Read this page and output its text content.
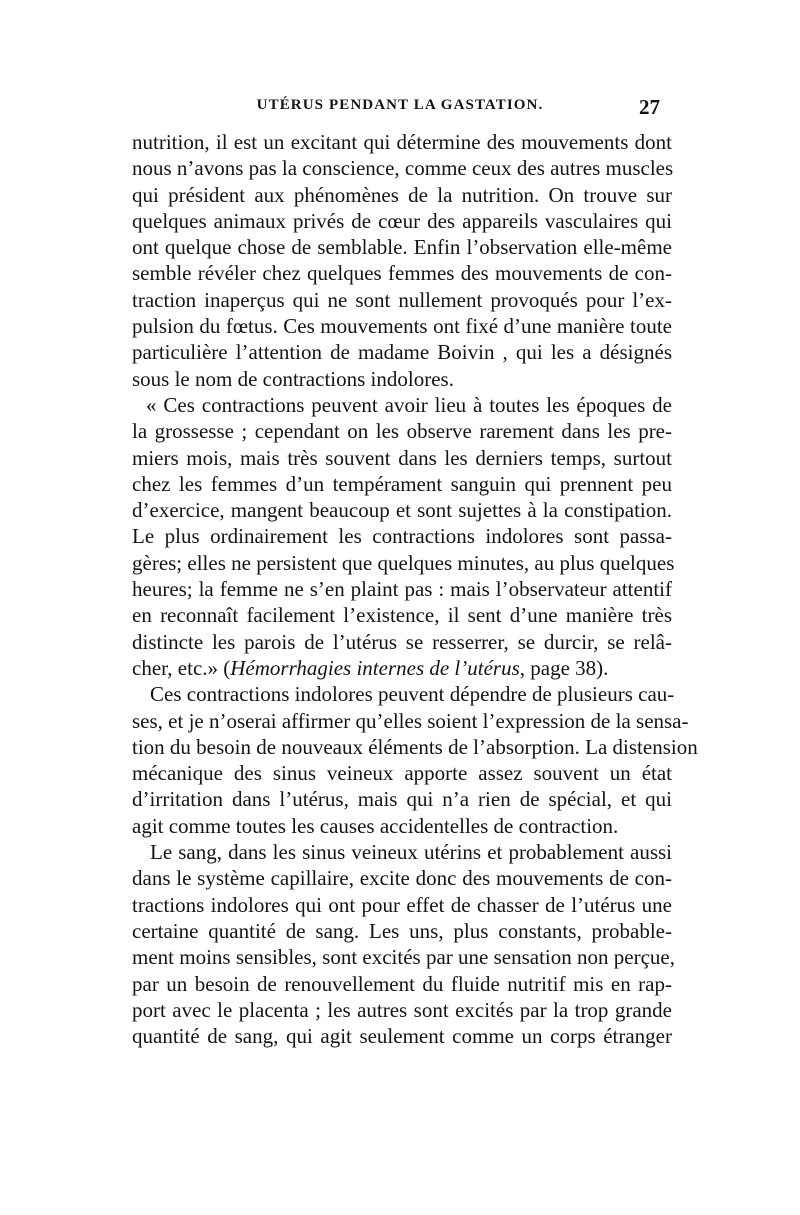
UTÉRUS PENDANT LA GASTATION.	27
nutrition, il est un excitant qui détermine des mouvements dont
nous n’avons pas la conscience, comme ceux des autres muscles
qui président aux phénomènes de la nutrition. On trouve sur
quelques animaux privés de cœur des appareils vasculaires qui
ont quelque chose de semblable. Enfin l’observation elle-même
semble révéler chez quelques femmes des mouvements de con-
traction inaperçus qui ne sont nullement provoqués pour l’ex-
pulsion du fœtus. Ces mouvements ont fixé d’une manière toute
particulière l’attention de madame Boivin , qui les a désignés
sous le nom de contractions indolores.
« Ces contractions peuvent avoir lieu à toutes les époques de
la grossesse ; cependant on les observe rarement dans les pre-
miers mois, mais très souvent dans les derniers temps, surtout
chez les femmes d’un tempérament sanguin qui prennent peu
d’exercice, mangent beaucoup et sont sujettes à la constipation.
Le plus ordinairement les contractions indolores sont passa-
gères; elles ne persistent que quelques minutes, au plus quelques
heures; la femme ne s’en plaint pas : mais l’observateur attentif
en reconnaît facilement l’existence, il sent d’une manière très
distincte les parois de l’utérus se resserrer, se durcir, se relâ-
cher, etc.» (Hémorrhagies internes de l’utérus, page 38).
Ces contractions indolores peuvent dépendre de plusieurs cau-
ses, et je n’oserai affirmer qu’elles soient l’expression de la sensa-
tion du besoin de nouveaux éléments de l’absorption. La distension
mécanique des sinus veineux apporte assez souvent un état
d’irritation dans l’utérus, mais qui n’a rien de spécial, et qui
agit comme toutes les causes accidentelles de contraction.
Le sang, dans les sinus veineux utérins et probablement aussi
dans le système capillaire, excite donc des mouvements de con-
tractions indolores qui ont pour effet de chasser de l’utérus une
certaine quantité de sang. Les uns, plus constants, probable-
ment moins sensibles, sont excités par une sensation non perçue,
par un besoin de renouvellement du fluide nutritif mis en rap-
port avec le placenta ; les autres sont excités par la trop grande
quantité de sang, qui agit seulement comme un corps étranger
